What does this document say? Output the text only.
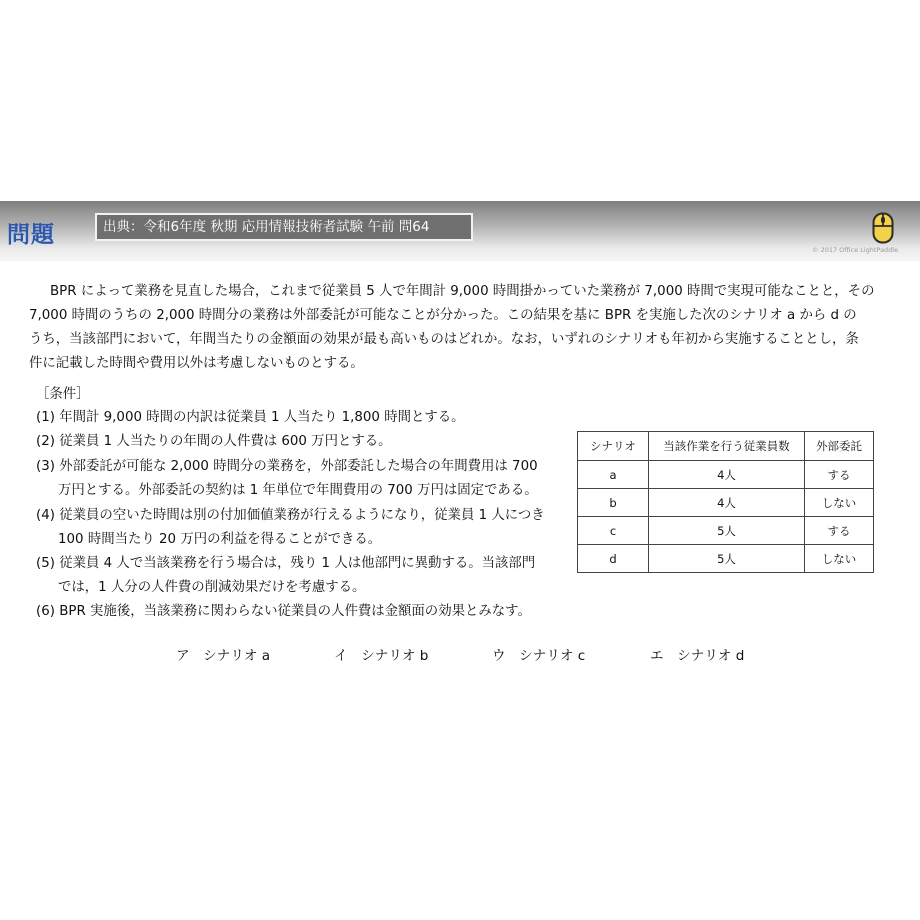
問題	出典：令和6年度 秋期 応用情報技術者試験 午前 問64
© 2017 Office LightPaddle

BPR によって業務を見直した場合，これまで従業員 5 人で年間計 9,000 時間掛かっていた業務が 7,000 時間で実現可能なことと，その

7,000 時間のうちの 2,000 時間分の業務は外部委託が可能なことが分かった。この結果を基に BPR を実施した次のシナリオ a から d の

うち，当該部門において，年間当たりの金額面の効果が最も高いものはどれか。なお，いずれのシナリオも年初から実施することとし，条

件に記載した時間や費用以外は考慮しないものとする。

［条件］
(1) 年間計 9,000 時間の内訳は従業員 1 人当たり 1,800 時間とする。
(2) 従業員 1 人当たりの年間の人件費は 600 万円とする。
(3) 外部委託が可能な 2,000 時間分の業務を，外部委託した場合の年間費用は 700
万円とする。外部委託の契約は 1 年単位で年間費用の 700 万円は固定である。
(4) 従業員の空いた時間は別の付加価値業務が行えるようになり，従業員 1 人につき
100 時間当たり 20 万円の利益を得ることができる。
(5) 従業員 4 人で当該業務を行う場合は，残り 1 人は他部門に異動する。当該部門
では，1 人分の人件費の削減効果だけを考慮する。
(6) BPR 実施後，当該業務に関わらない従業員の人件費は金額面の効果とみなす。
シナリオ	当該作業を行う従業員数	外部委託
a	4人	する
b	4人	しない
c	5人	する
d	5人	しない
ア　シナリオ a	イ　シナリオ b	ウ　シナリオ c	エ　シナリオ d
